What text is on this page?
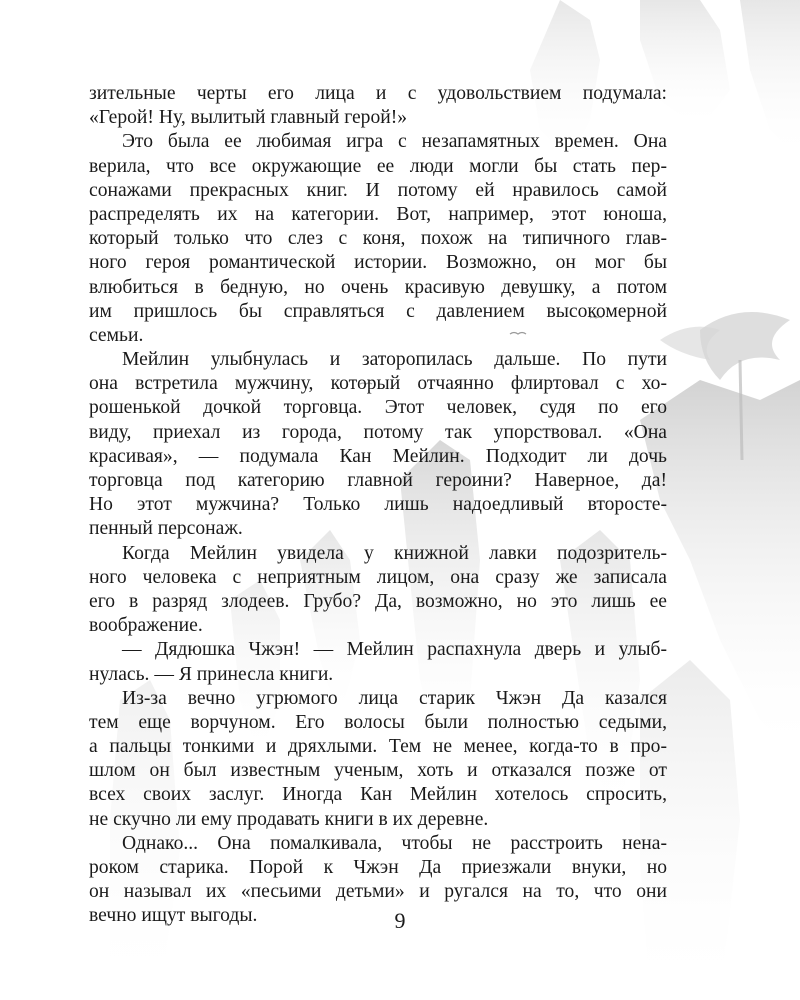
зительные черты его лица и с удовольствием подумала:
«Герой! Ну, вылитый главный герой!»
Это была ее любимая игра с незапамятных времен. Она
верила, что все окружающие ее люди могли бы стать пер-
сонажами прекрасных книг. И потому ей нравилось самой
распределять их на категории. Вот, например, этот юноша,
который только что слез с коня, похож на типичного глав-
ного героя романтической истории. Возможно, он мог бы
влюбиться в бедную, но очень красивую девушку, а потом
им пришлось бы справляться с давлением высокомерной
семьи.
Мейлин улыбнулась и заторопилась дальше. По пути
она встретила мужчину, который отчаянно флиртовал с хо-
рошенькой дочкой торговца. Этот человек, судя по его
виду, приехал из города, потому так упорствовал. «Она
красивая», — подумала Кан Мейлин. Подходит ли дочь
торговца под категорию главной героини? Наверное, да!
Но этот мужчина? Только лишь надоедливый второсте-
пенный персонаж.
Когда Мейлин увидела у книжной лавки подозритель-
ного человека с неприятным лицом, она сразу же записала
его в разряд злодеев. Грубо? Да, возможно, но это лишь ее
воображение.
— Дядюшка Чжэн! — Мейлин распахнула дверь и улыб-
нулась. — Я принесла книги.
Из-за вечно угрюмого лица старик Чжэн Да казался
тем еще ворчуном. Его волосы были полностью седыми,
а пальцы тонкими и дряхлыми. Тем не менее, когда-то в про-
шлом он был известным ученым, хоть и отказался позже от
всех своих заслуг. Иногда Кан Мейлин хотелось спросить,
не скучно ли ему продавать книги в их деревне.
Однако... Она помалкивала, чтобы не расстроить нена-
роком старика. Порой к Чжэн Да приезжали внуки, но
он называл их «песьими детьми» и ругался на то, что они
вечно ищут выгоды.	9
